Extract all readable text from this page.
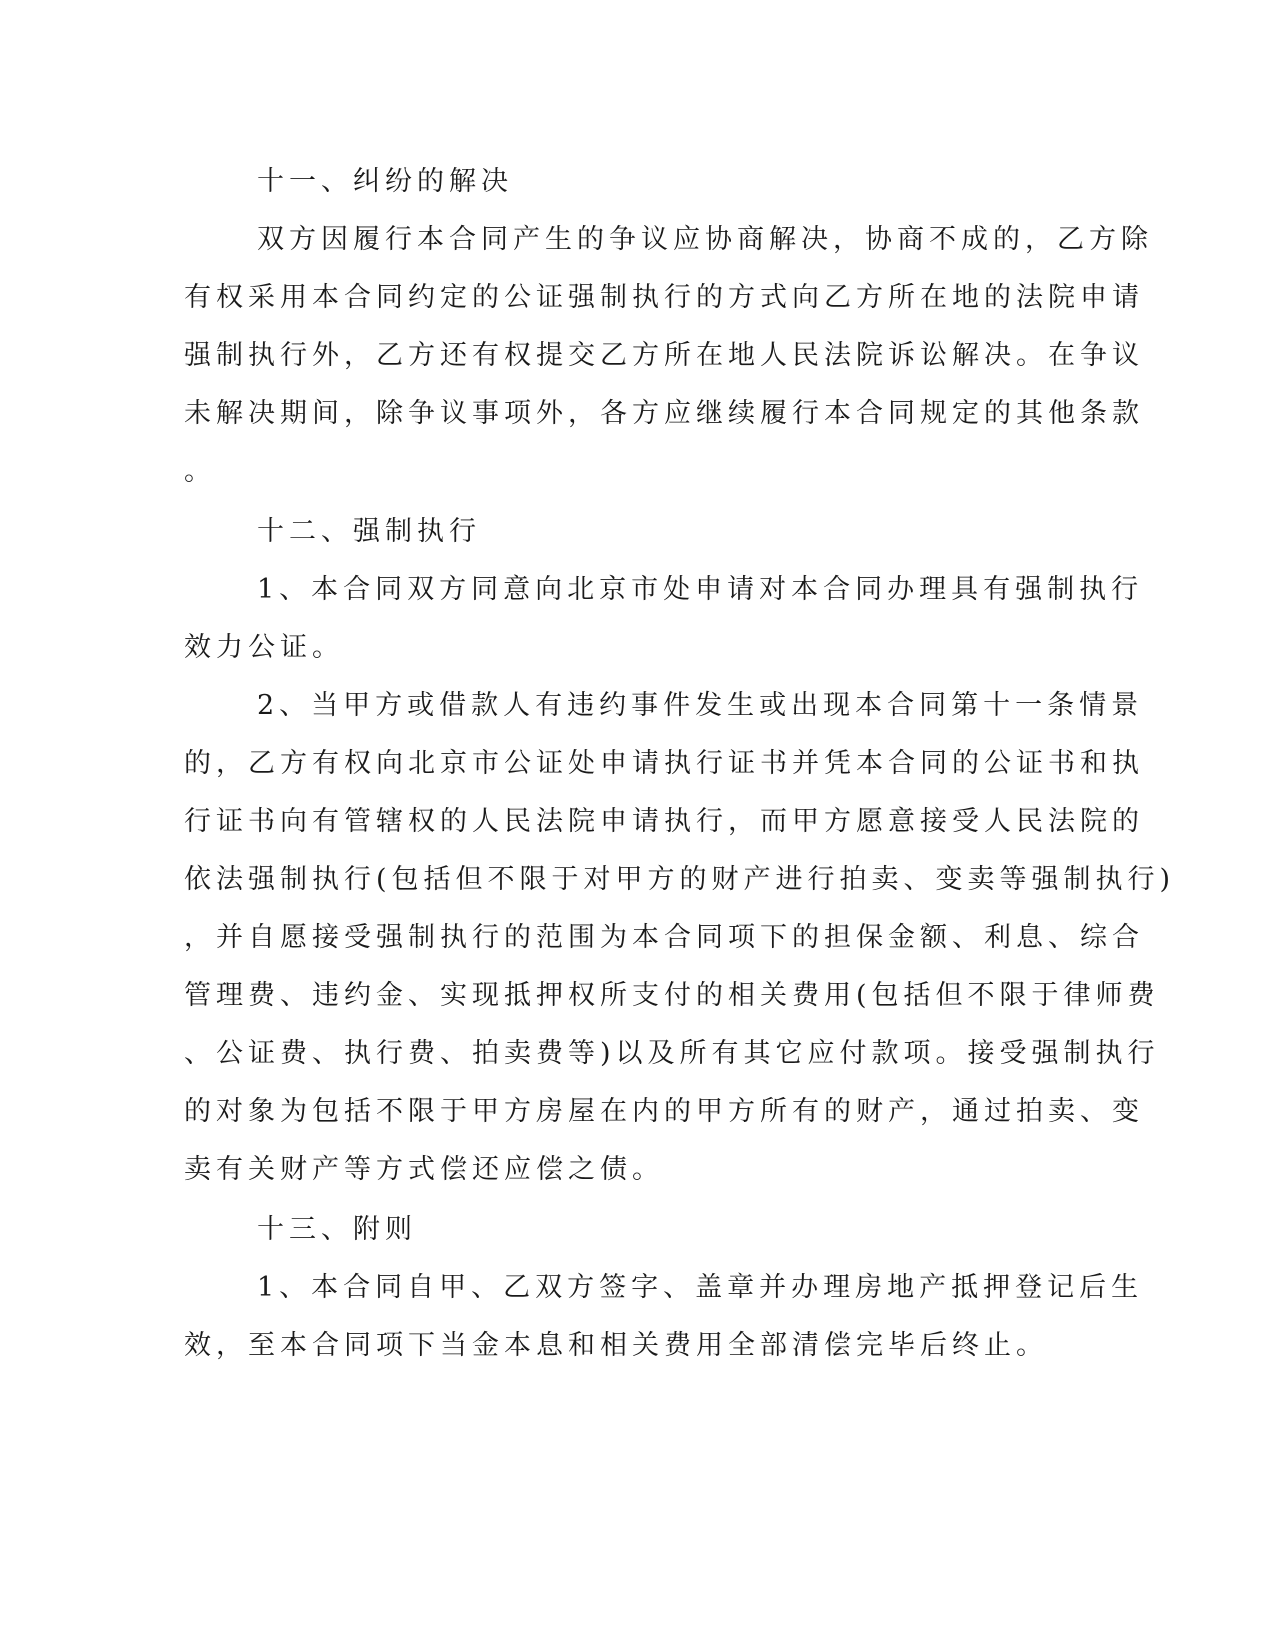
十一、纠纷的解决
双方因履行本合同产生的争议应协商解决，协商不成的，乙方除
有权采用本合同约定的公证强制执行的方式向乙方所在地的法院申请
强制执行外，乙方还有权提交乙方所在地人民法院诉讼解决。在争议
未解决期间，除争议事项外，各方应继续履行本合同规定的其他条款
。
十二、强制执行
1、本合同双方同意向北京市处申请对本合同办理具有强制执行
效力公证。
2、当甲方或借款人有违约事件发生或出现本合同第十一条情景
的，乙方有权向北京市公证处申请执行证书并凭本合同的公证书和执
行证书向有管辖权的人民法院申请执行，而甲方愿意接受人民法院的
依法强制执行(包括但不限于对甲方的财产进行拍卖、变卖等强制执行)
，并自愿接受强制执行的范围为本合同项下的担保金额、利息、综合
管理费、违约金、实现抵押权所支付的相关费用(包括但不限于律师费
、公证费、执行费、拍卖费等)以及所有其它应付款项。接受强制执行
的对象为包括不限于甲方房屋在内的甲方所有的财产，通过拍卖、变
卖有关财产等方式偿还应偿之债。
十三、附则
1、本合同自甲、乙双方签字、盖章并办理房地产抵押登记后生
效，至本合同项下当金本息和相关费用全部清偿完毕后终止。
